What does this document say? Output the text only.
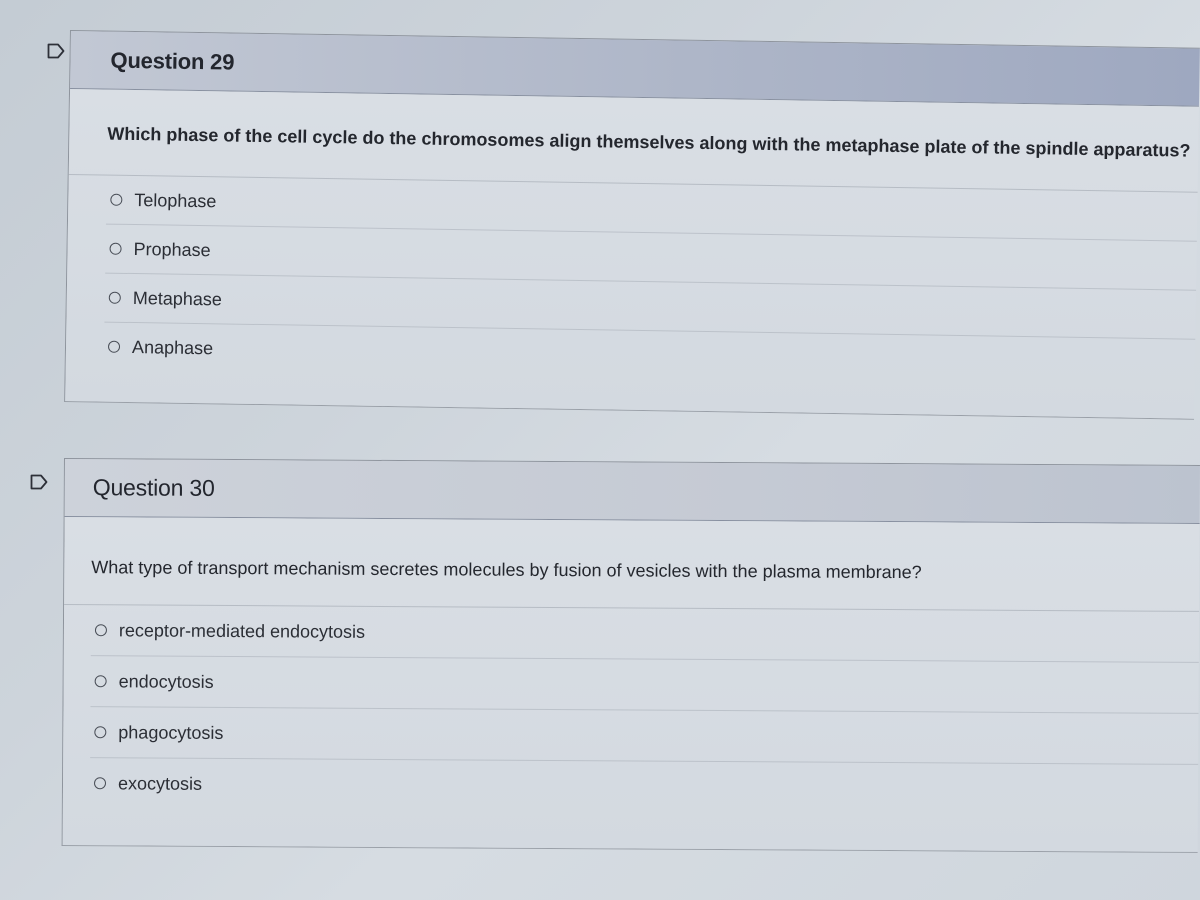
Question 29
Which phase of the cell cycle do the chromosomes align themselves along with the metaphase plate of the spindle apparatus?
Telophase
Prophase
Metaphase
Anaphase
Question 30
What type of transport mechanism secretes molecules by fusion of vesicles with the plasma membrane?
receptor-mediated endocytosis
endocytosis
phagocytosis
exocytosis
